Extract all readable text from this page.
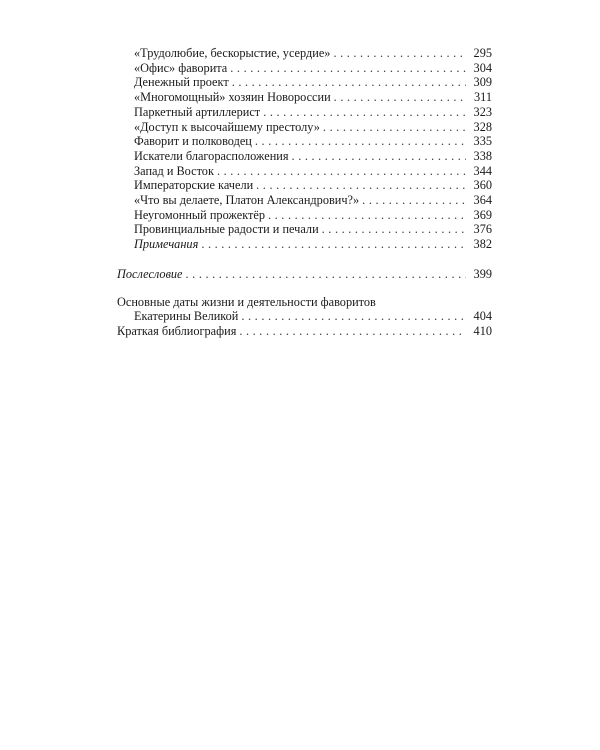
«Трудолюбие, бескорыстие, усердие» . . .	295
«Офис» фаворита . . .	304
Денежный проект . . .	309
«Многомощный» хозяин Новороссии . . .	311
Паркетный артиллерист . . .	323
«Доступ к высочайшему престолу» . . .	328
Фаворит и полководец . . .	335
Искатели благорасположения . . .	338
Запад и Восток . . .	344
Императорские качели . . .	360
«Что вы делаете, Платон Александрович?» . . .	364
Неугомонный прожектёр . . .	369
Провинциальные радости и печали . . .	376
Примечания . . .	382
Послесловие . . .	399
Основные даты жизни и деятельности фаворитов
Екатерины Великой . . .	404
Краткая библиография . . .	410
